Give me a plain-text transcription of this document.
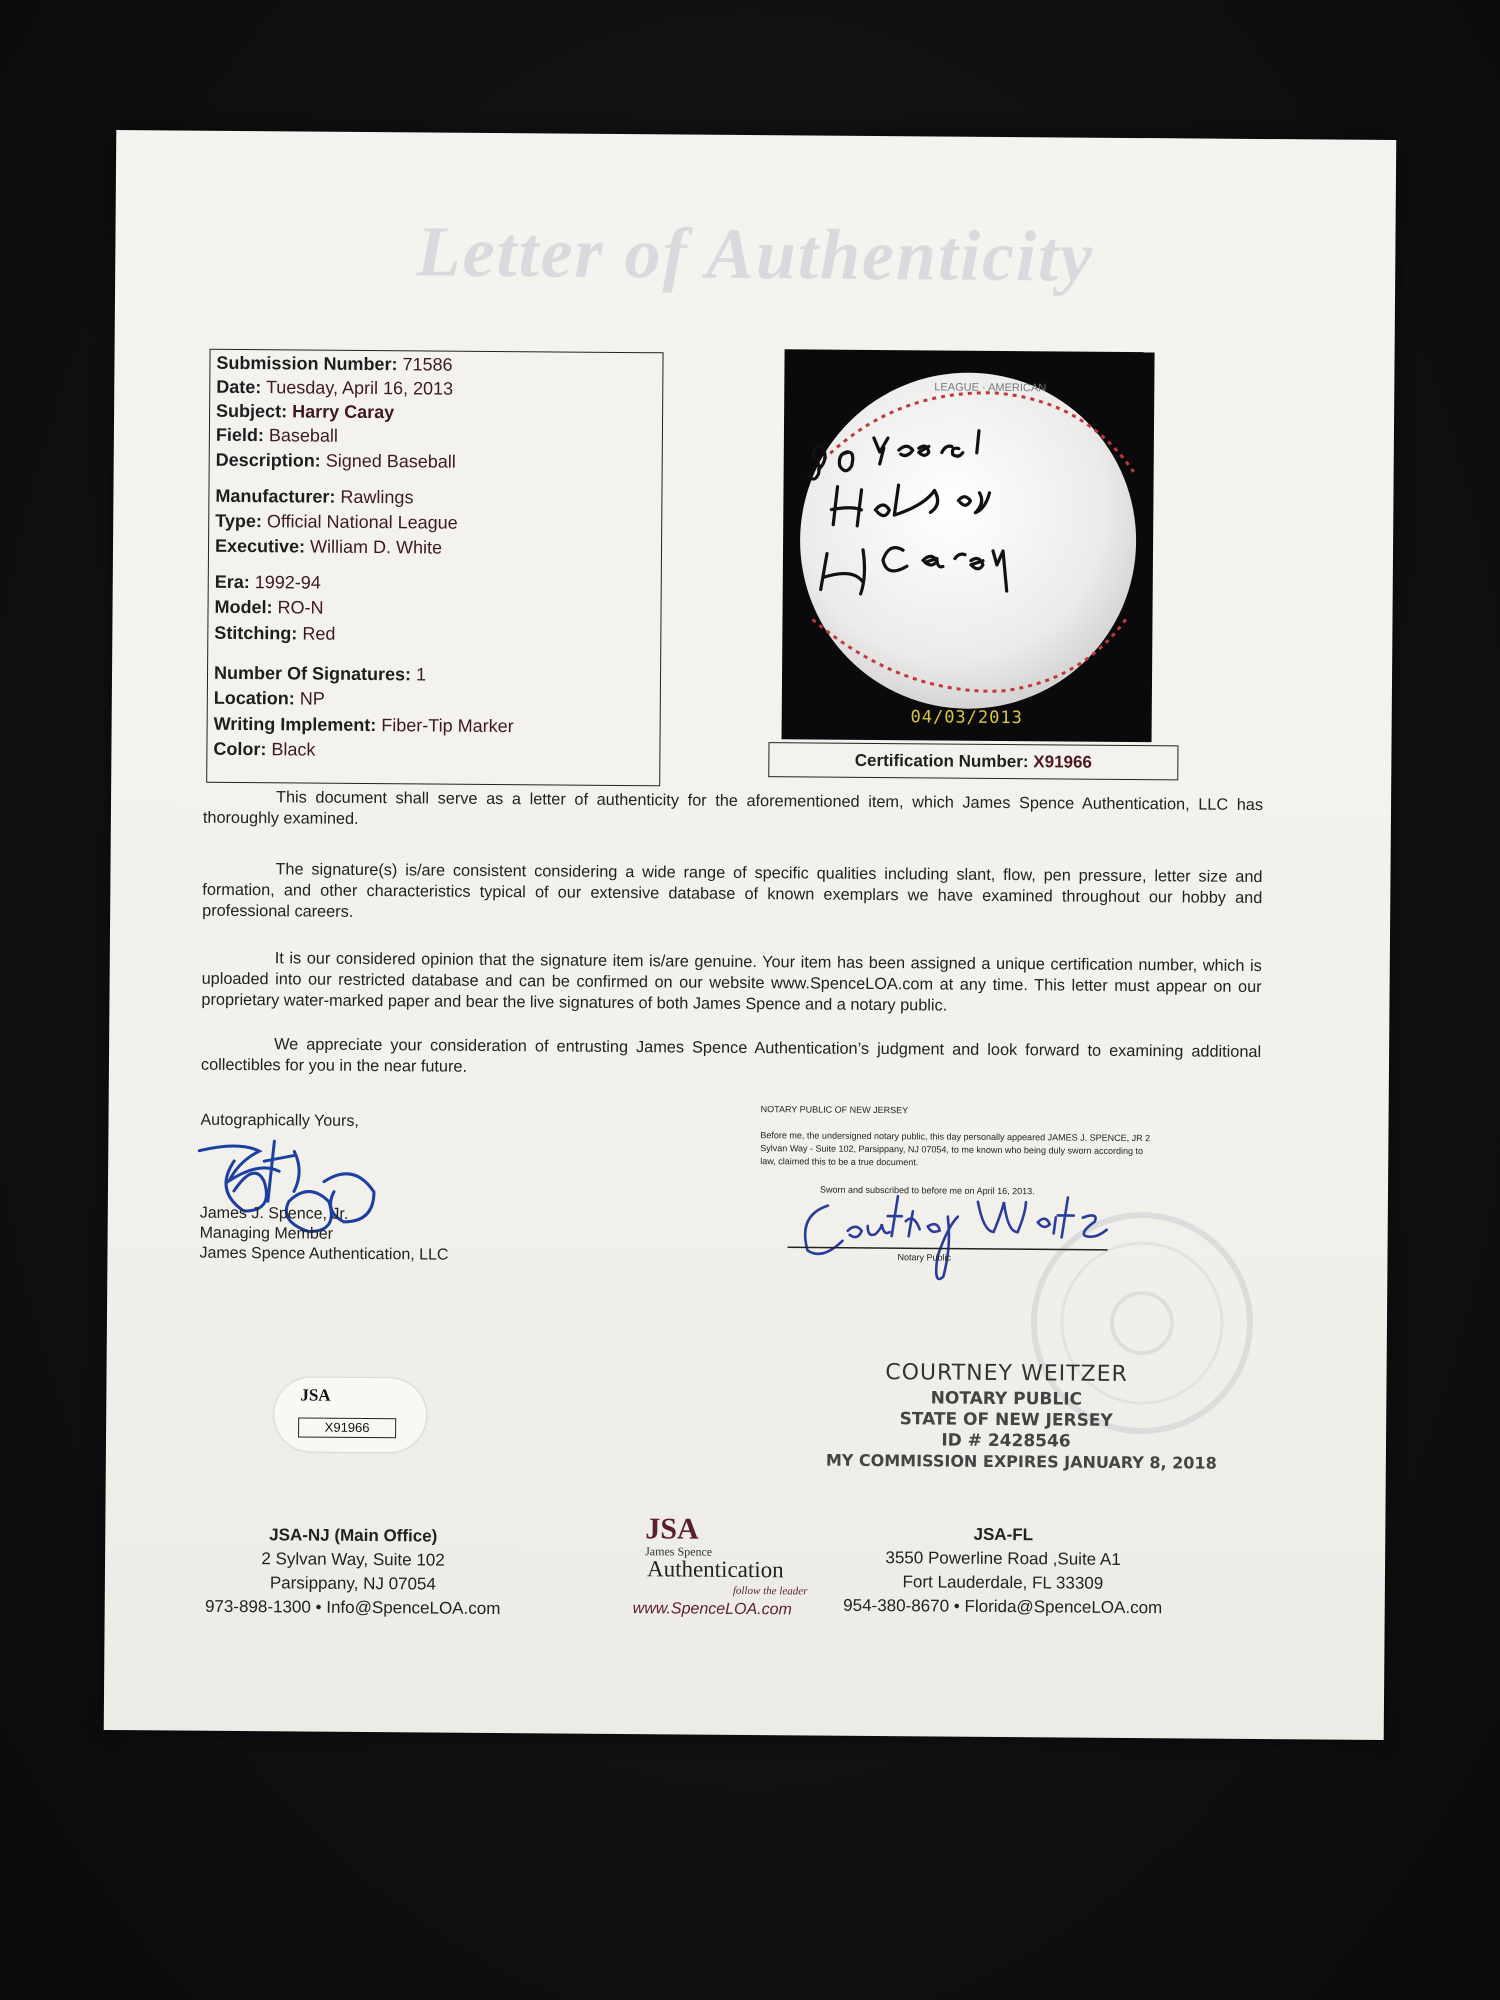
Letter of Authenticity
Submission Number: 71586
Date: Tuesday, April 16, 2013
Subject: Harry Caray
Field: Baseball
Description: Signed Baseball
Manufacturer: Rawlings
Type: Official National League
Executive: William D. White
Era: 1992-94
Model: RO-N
Stitching: Red
Number Of Signatures: 1
Location: NP
Writing Implement: Fiber-Tip Marker
Color: Black
LEAGUE · AMERICAN
04/03/2013
Certification Number: X91966
This document shall serve as a letter of authenticity for the aforementioned item, which James Spence Authentication, LLC has thoroughly examined.
The signature(s) is/are consistent considering a wide range of specific qualities including slant, flow, pen pressure, letter size and formation, and other characteristics typical of our extensive database of known exemplars we have examined throughout our hobby and professional careers.
It is our considered opinion that the signature item is/are genuine. Your item has been assigned a unique certification number, which is uploaded into our restricted database and can be confirmed on our website www.SpenceLOA.com at any time. This letter must appear on our proprietary water-marked paper and bear the live signatures of both James Spence and a notary public.
We appreciate your consideration of entrusting James Spence Authentication’s judgment and look forward to examining additional collectibles for you in the near future.
Autographically Yours,
James J. Spence, Jr.
Managing Member
James Spence Authentication, LLC
NOTARY PUBLIC OF NEW JERSEY
Before me, the undersigned notary public, this day personally appeared JAMES J. SPENCE, JR 2 Sylvan Way - Suite 102, Parsippany, NJ 07054, to me known who being duly sworn according to law, claimed this to be a true document.
Sworn and subscribed to before me on April 16, 2013.
Notary Public
COURTNEY WEITZER
NOTARY PUBLIC
STATE OF NEW JERSEY
ID # 2428546
MY COMMISSION EXPIRES JANUARY 8, 2018
JSA
X91966
JSA-NJ (Main Office)
2 Sylvan Way, Suite 102
Parsippany, NJ 07054
973-898-1300 • Info@SpenceLOA.com
JSA
James Spence
Authentication
follow the leader
www.SpenceLOA.com
JSA-FL
3550 Powerline Road ,Suite A1
Fort Lauderdale, FL 33309
954-380-8670 • Florida@SpenceLOA.com
